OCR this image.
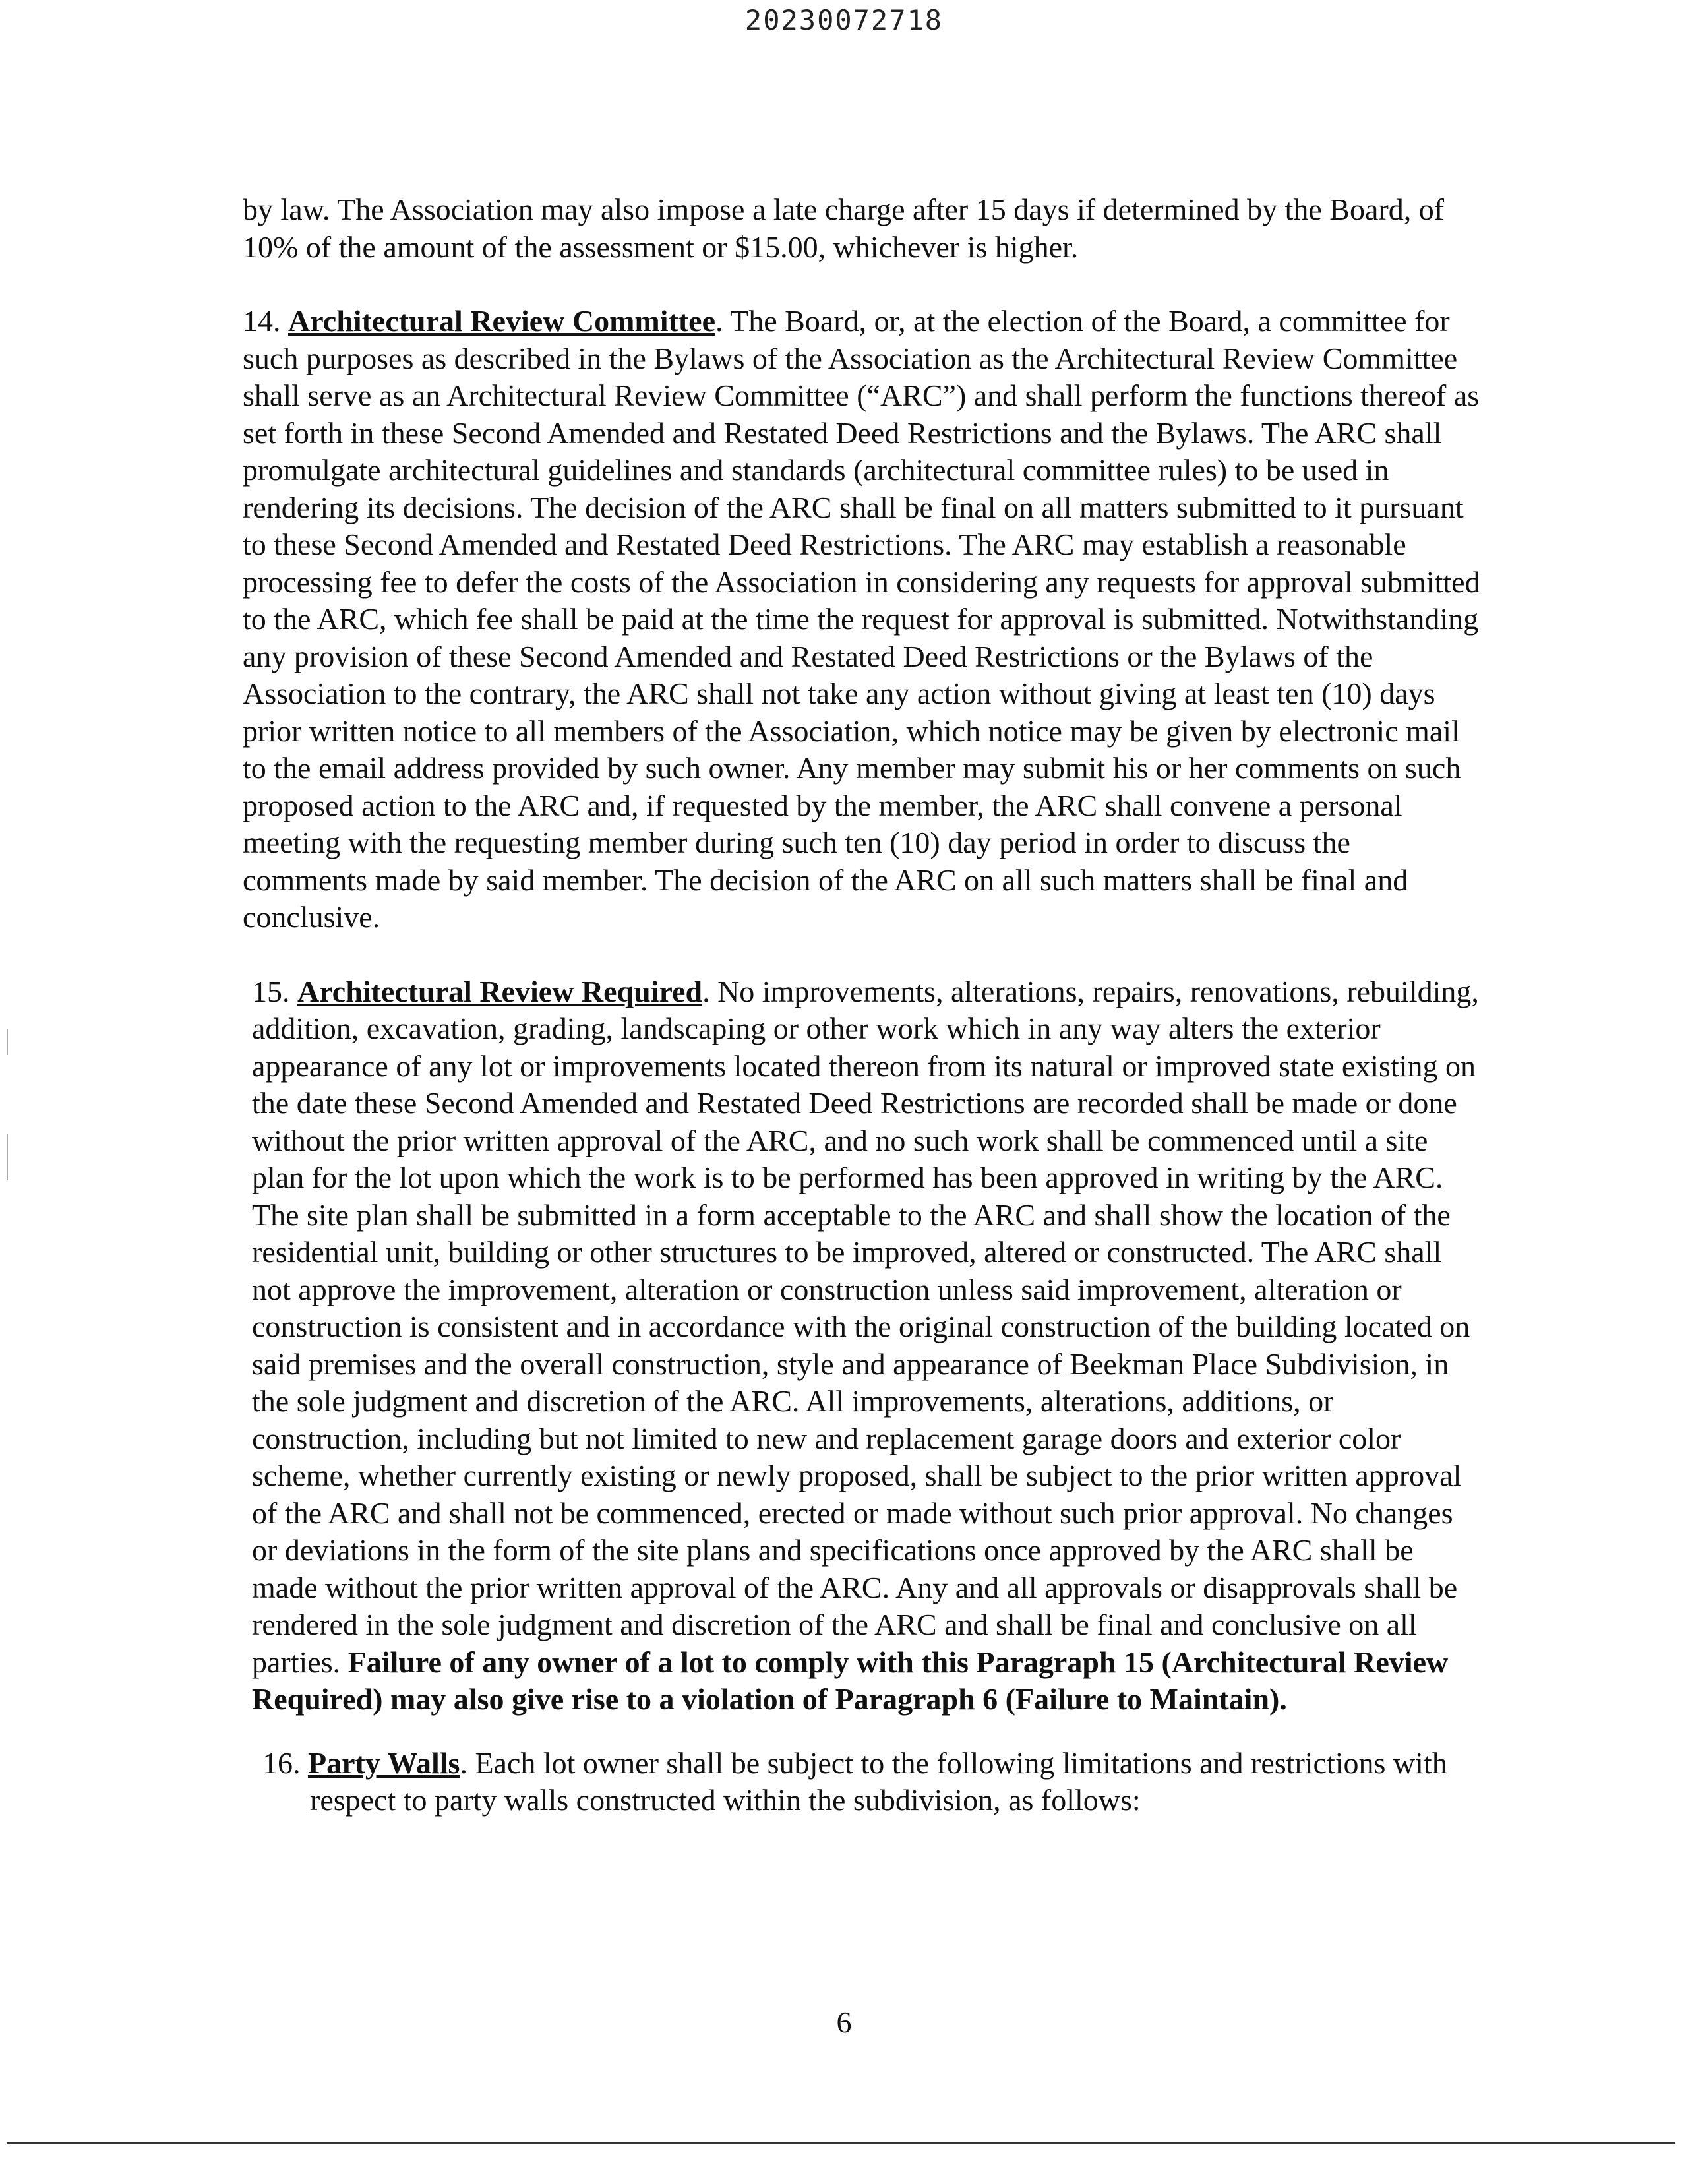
20230072718

by law. The Association may also impose a late charge after 15 days if determined by the Board, of 10% of the amount of the assessment or $15.00, whichever is higher.

14. Architectural Review Committee. The Board, or, at the election of the Board, a committee for such purposes as described in the Bylaws of the Association as the Architectural Review Committee shall serve as an Architectural Review Committee (“ARC”) and shall perform the functions thereof as set forth in these Second Amended and Restated Deed Restrictions and the Bylaws. The ARC shall promulgate architectural guidelines and standards (architectural committee rules) to be used in rendering its decisions. The decision of the ARC shall be final on all matters submitted to it pursuant to these Second Amended and Restated Deed Restrictions. The ARC may establish a reasonable processing fee to defer the costs of the Association in considering any requests for approval submitted to the ARC, which fee shall be paid at the time the request for approval is submitted. Notwithstanding any provision of these Second Amended and Restated Deed Restrictions or the Bylaws of the Association to the contrary, the ARC shall not take any action without giving at least ten (10) days prior written notice to all members of the Association, which notice may be given by electronic mail to the email address provided by such owner. Any member may submit his or her comments on such proposed action to the ARC and, if requested by the member, the ARC shall convene a personal meeting with the requesting member during such ten (10) day period in order to discuss the comments made by said member. The decision of the ARC on all such matters shall be final and conclusive.

15. Architectural Review Required. No improvements, alterations, repairs, renovations, rebuilding, addition, excavation, grading, landscaping or other work which in any way alters the exterior appearance of any lot or improvements located thereon from its natural or improved state existing on the date these Second Amended and Restated Deed Restrictions are recorded shall be made or done without the prior written approval of the ARC, and no such work shall be commenced until a site plan for the lot upon which the work is to be performed has been approved in writing by the ARC. The site plan shall be submitted in a form acceptable to the ARC and shall show the location of the residential unit, building or other structures to be improved, altered or constructed. The ARC shall not approve the improvement, alteration or construction unless said improvement, alteration or construction is consistent and in accordance with the original construction of the building located on said premises and the overall construction, style and appearance of Beekman Place Subdivision, in the sole judgment and discretion of the ARC. All improvements, alterations, additions, or construction, including but not limited to new and replacement garage doors and exterior color scheme, whether currently existing or newly proposed, shall be subject to the prior written approval of the ARC and shall not be commenced, erected or made without such prior approval. No changes or deviations in the form of the site plans and specifications once approved by the ARC shall be made without the prior written approval of the ARC. Any and all approvals or disapprovals shall be rendered in the sole judgment and discretion of the ARC and shall be final and conclusive on all parties. Failure of any owner of a lot to comply with this Paragraph 15 (Architectural Review Required) may also give rise to a violation of Paragraph 6 (Failure to Maintain).

16. Party Walls. Each lot owner shall be subject to the following limitations and restrictions with respect to party walls constructed within the subdivision, as follows:

6
